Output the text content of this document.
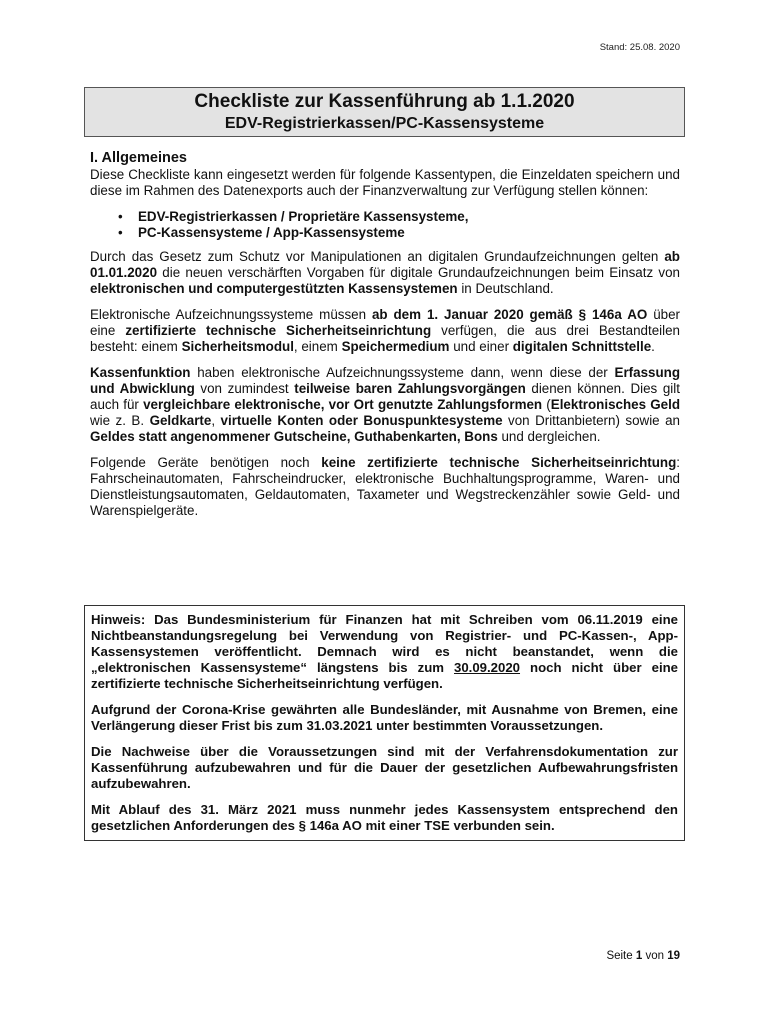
Stand: 25.08. 2020
Checkliste zur Kassenführung ab 1.1.2020
EDV-Registrierkassen/PC-Kassensysteme
I. Allgemeines

Diese Checkliste kann eingesetzt werden für folgende Kassentypen, die Einzeldaten speichern und diese im Rahmen des Datenexports auch der Finanzverwaltung zur Verfügung stellen können:

• EDV-Registrierkassen / Proprietäre Kassensysteme,
• PC-Kassensysteme / App-Kassensysteme

Durch das Gesetz zum Schutz vor Manipulationen an digitalen Grundaufzeichnungen gelten ab 01.01.2020 die neuen verschärften Vorgaben für digitale Grundaufzeichnungen beim Einsatz von elektronischen und computergestützten Kassensystemen in Deutschland.

Elektronische Aufzeichnungssysteme müssen ab dem 1. Januar 2020 gemäß § 146a AO über eine zertifizierte technische Sicherheitseinrichtung verfügen, die aus drei Bestandteilen besteht: einem Sicherheitsmodul, einem Speichermedium und einer digitalen Schnittstelle.

Kassenfunktion haben elektronische Aufzeichnungssysteme dann, wenn diese der Erfassung und Abwicklung von zumindest teilweise baren Zahlungsvorgängen dienen können. Dies gilt auch für vergleichbare elektronische, vor Ort genutzte Zahlungsformen (Elektronisches Geld wie z. B. Geldkarte, virtuelle Konten oder Bonuspunktesysteme von Drittanbietern) sowie an Geldes statt angenommener Gutscheine, Guthabenkarten, Bons und dergleichen.

Folgende Geräte benötigen noch keine zertifizierte technische Sicherheitseinrichtung: Fahrscheinautomaten, Fahrscheindrucker, elektronische Buchhaltungsprogramme, Waren- und Dienstleistungsautomaten, Geldautomaten, Taxameter und Wegstreckenzähler sowie Geld- und Warenspielgeräte.

Hinweis: Das Bundesministerium für Finanzen hat mit Schreiben vom 06.11.2019 eine Nichtbeanstandungsregelung bei Verwendung von Registrier- und PC-Kassen-, App-Kassensystemen veröffentlicht. Demnach wird es nicht beanstandet, wenn die „elektronischen Kassensysteme“ längstens bis zum 30.09.2020 noch nicht über eine zertifizierte technische Sicherheitseinrichtung verfügen.

Aufgrund der Corona-Krise gewährten alle Bundesländer, mit Ausnahme von Bremen, eine Verlängerung dieser Frist bis zum 31.03.2021 unter bestimmten Voraussetzungen.

Die Nachweise über die Voraussetzungen sind mit der Verfahrensdokumentation zur Kassenführung aufzubewahren und für die Dauer der gesetzlichen Aufbewahrungsfristen aufzubewahren.

Mit Ablauf des 31. März 2021 muss nunmehr jedes Kassensystem entsprechend den gesetzlichen Anforderungen des § 146a AO mit einer TSE verbunden sein.

Seite 1 von 19
